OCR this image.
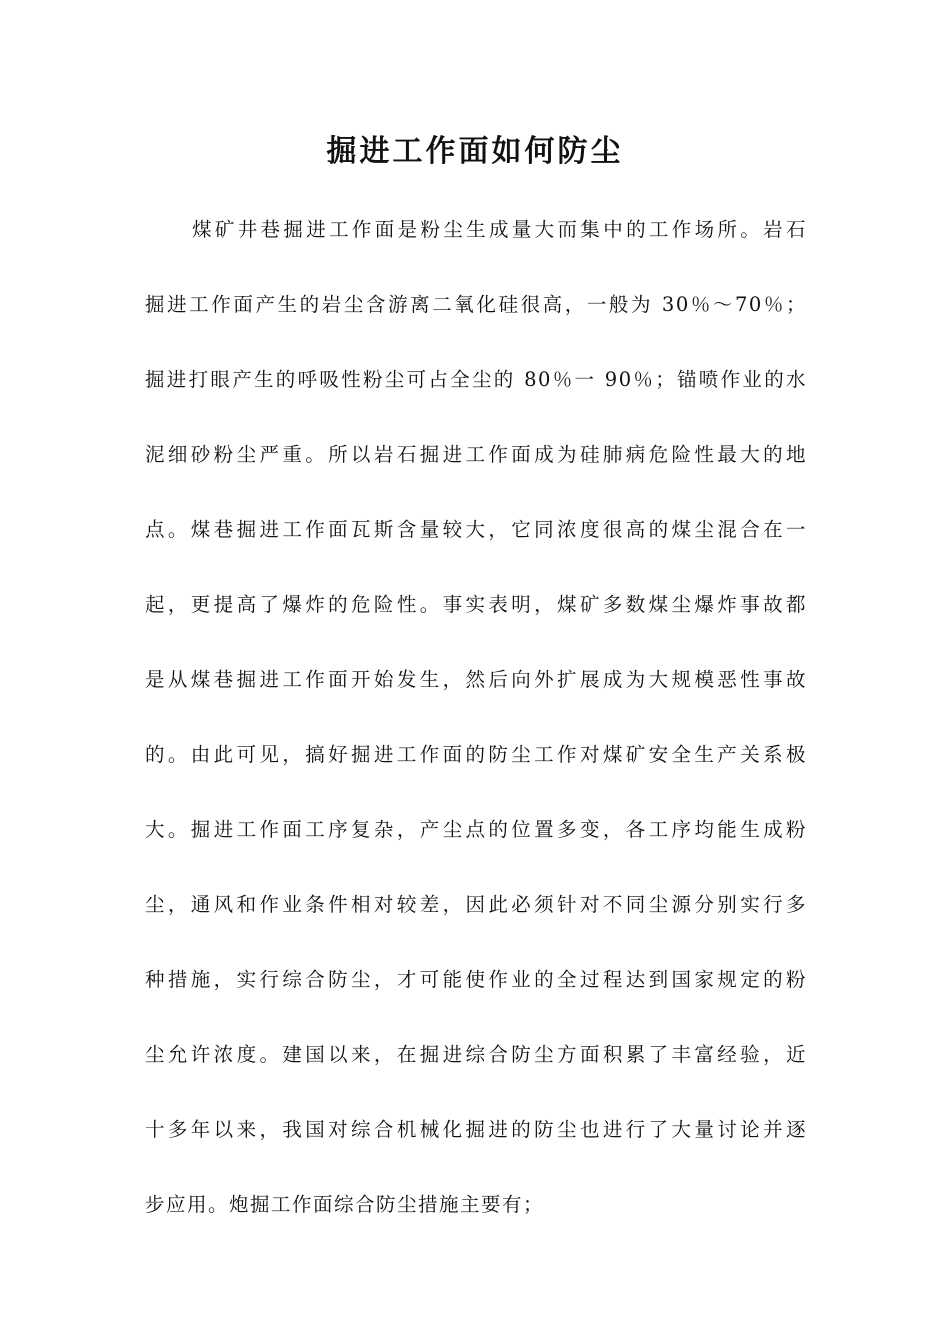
掘进工作面如何防尘
煤矿井巷掘进工作面是粉尘生成量大而集中的工作场所。岩石
掘进工作面产生的岩尘含游离二氧化硅很高，一般为 30％～70％；
掘进打眼产生的呼吸性粉尘可占全尘的 80％一 90％；锚喷作业的水
泥细砂粉尘严重。所以岩石掘进工作面成为硅肺病危险性最大的地
点。煤巷掘进工作面瓦斯含量较大，它同浓度很高的煤尘混合在一
起，更提高了爆炸的危险性。事实表明，煤矿多数煤尘爆炸事故都
是从煤巷掘进工作面开始发生，然后向外扩展成为大规模恶性事故
的。由此可见，搞好掘进工作面的防尘工作对煤矿安全生产关系极
大。掘进工作面工序复杂，产尘点的位置多变，各工序均能生成粉
尘，通风和作业条件相对较差，因此必须针对不同尘源分别实行多
种措施，实行综合防尘，才可能使作业的全过程达到国家规定的粉
尘允许浓度。建国以来，在掘进综合防尘方面积累了丰富经验，近
十多年以来，我国对综合机械化掘进的防尘也进行了大量讨论并逐
步应用。炮掘工作面综合防尘措施主要有；
